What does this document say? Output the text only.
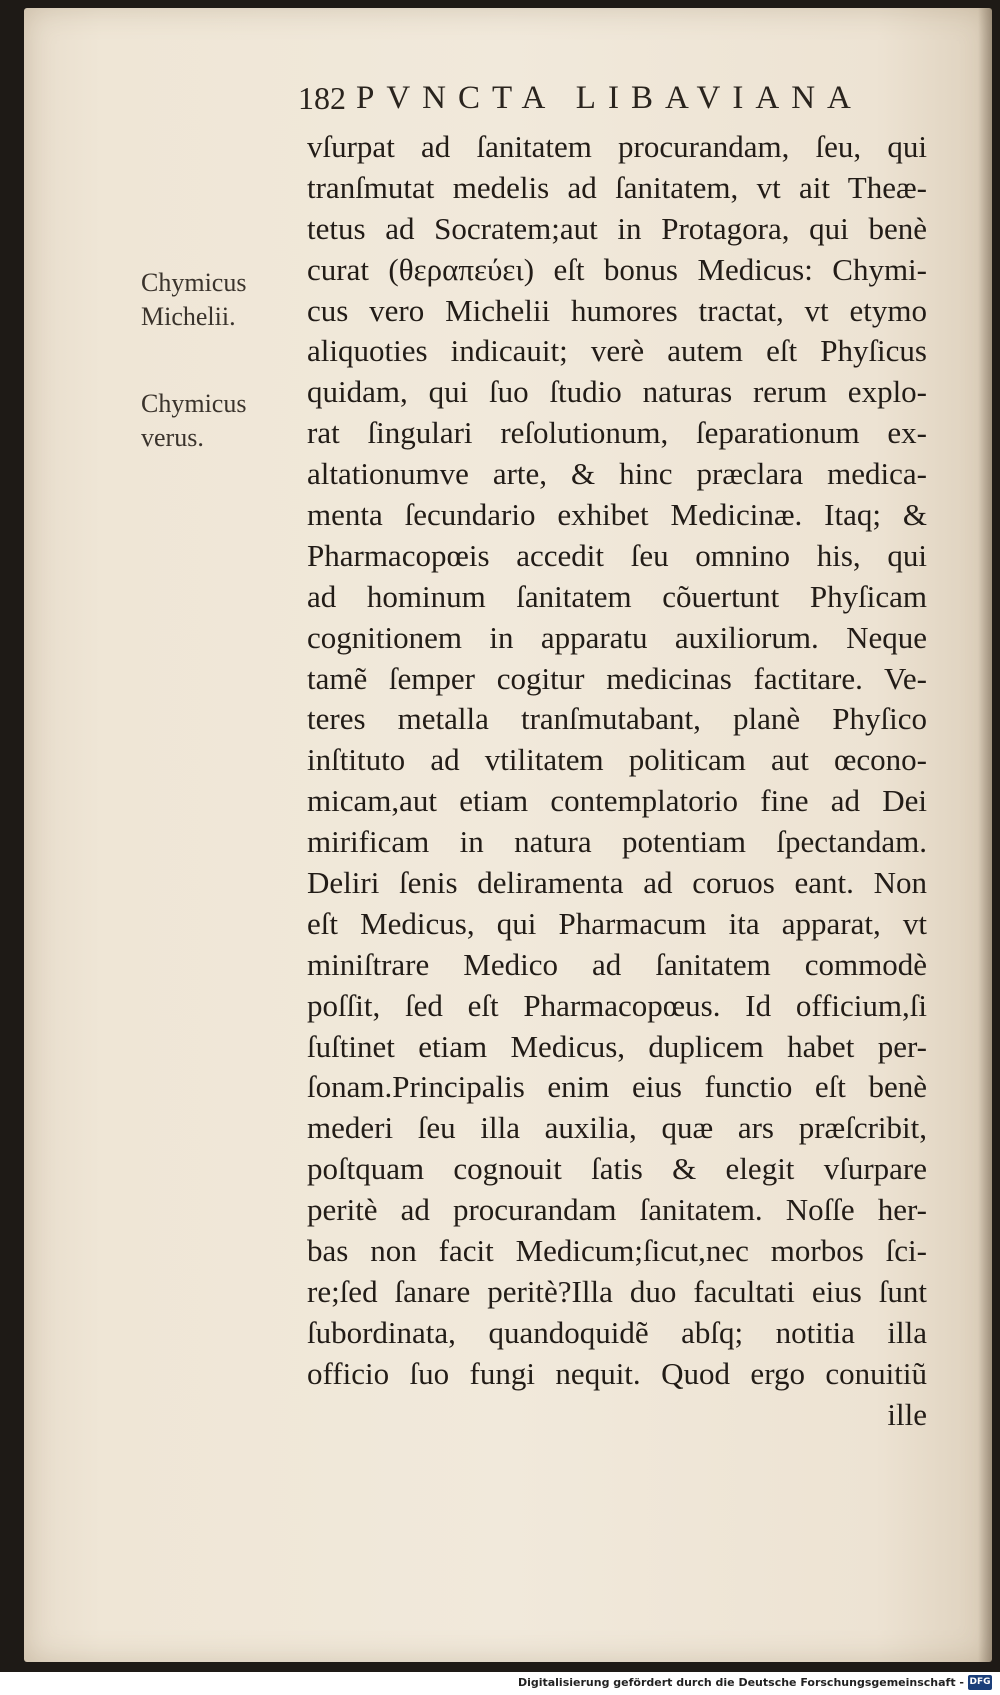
182 PVNCTA LIBAVIANA
Chymicus
Michelii.
Chymicus
verus.
vſurpat ad ſanitatem procurandam, ſeu, qui
tranſmutat medelis ad ſanitatem, vt ait Theæ-
tetus ad Socratem;aut in Protagora, qui benè
curat (θεραπεύει) eſt bonus Medicus: Chymi-
cus vero Michelii humores tractat, vt etymo
aliquoties indicauit; verè autem eſt Phyſicus
quidam, qui ſuo ſtudio naturas rerum explo-
rat ſingulari reſolutionum, ſeparationum ex-
altationumve arte, & hinc præclara medica-
menta ſecundario exhibet Medicinæ. Itaq; &
Pharmacopœis accedit ſeu omnino his, qui
ad hominum ſanitatem cõuertunt Phyſicam
cognitionem in apparatu auxiliorum. Neque
tamẽ ſemper cogitur medicinas factitare. Ve-
teres metalla tranſmutabant, planè Phyſico
inſtituto ad vtilitatem politicam aut œcono-
micam,aut etiam contemplatorio fine ad Dei
mirificam in natura potentiam ſpectandam.
Deliri ſenis deliramenta ad coruos eant. Non
eſt Medicus, qui Pharmacum ita apparat, vt
miniſtrare Medico ad ſanitatem commodè
poſſit, ſed eſt Pharmacopœus. Id officium,ſi
ſuſtinet etiam Medicus, duplicem habet per-
ſonam.Principalis enim eius functio eſt benè
mederi ſeu illa auxilia, quæ ars præſcribit,
poſtquam cognouit ſatis & elegit vſurpare
peritè ad procurandam ſanitatem. Noſſe her-
bas non facit Medicum;ſicut,nec morbos ſci-
re;ſed ſanare peritè?Illa duo facultati eius ſunt
ſubordinata, quandoquidẽ abſq; notitia illa
officio ſuo fungi nequit. Quod ergo conuitiũ
ille
Digitalisierung gefördert durch die Deutsche Forschungsgemeinschaft - DFG
